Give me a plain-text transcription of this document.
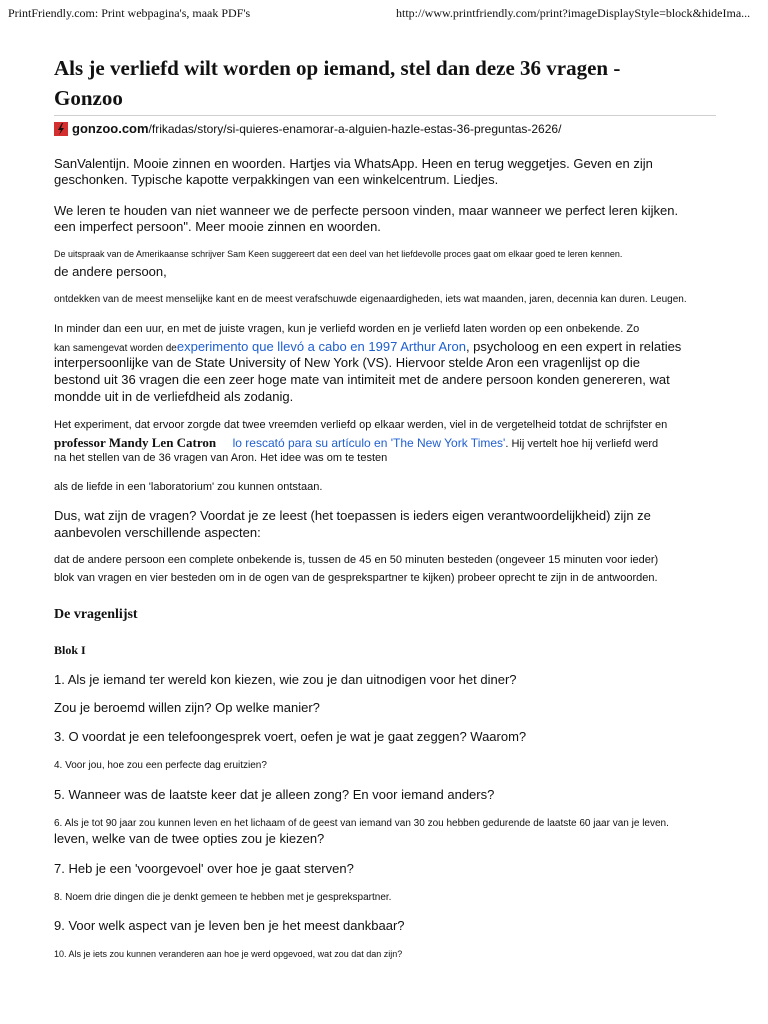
PrintFriendly.com: Print webpagina's, maak PDF's	http://www.printfriendly.com/print?imageDisplayStyle=block&hideIma...
Als je verliefd wilt worden op iemand, stel dan deze 36 vragen -
Gonzoo
gonzoo.com/frikadas/story/si-quieres-enamorar-a-alguien-hazle-estas-36-preguntas-2626/
SanValentijn. Mooie zinnen en woorden. Hartjes via WhatsApp. Heen en terug weggetjes. Geven en zijn
geschonken. Typische kapotte verpakkingen van een winkelcentrum. Liedjes.
We leren te houden van niet wanneer we de perfecte persoon vinden, maar wanneer we perfect leren kijken.
een imperfect persoon". Meer mooie zinnen en woorden.
De uitspraak van de Amerikaanse schrijver Sam Keen suggereert dat een deel van het liefdevolle proces gaat om elkaar goed te leren kennen.
de andere persoon,
ontdekken van de meest menselijke kant en de meest verafschuwde eigenaardigheden, iets wat maanden, jaren, decennia kan duren. Leugen.
In minder dan een uur, en met de juiste vragen, kun je verliefd worden en je verliefd laten worden op een onbekende. Zo
kan samengevat worden deexperimento que llevó a cabo en 1997 Arthur Aron, psycholoog en een expert in relaties
interpersoonlijke van de State University of New York (VS). Hiervoor stelde Aron een vragenlijst op die
bestond uit 36 vragen die een zeer hoge mate van intimiteit met de andere persoon konden genereren, wat
mondde uit in de verliefdheid als zodanig.
Het experiment, dat ervoor zorgde dat twee vreemden verliefd op elkaar werden, viel in de vergetelheid totdat de schrijfster en
professor Mandy Len Catron lo rescató para su artículo en 'The New York Times'. Hij vertelt hoe hij verliefd werd
na het stellen van de 36 vragen van Aron. Het idee was om te testen
als de liefde in een 'laboratorium' zou kunnen ontstaan.
Dus, wat zijn de vragen? Voordat je ze leest (het toepassen is ieders eigen verantwoordelijkheid) zijn ze
aanbevolen verschillende aspecten:
dat de andere persoon een complete onbekende is, tussen de 45 en 50 minuten besteden (ongeveer 15 minuten voor ieder)
blok van vragen en vier besteden om in de ogen van de gesprekspartner te kijken) probeer oprecht te zijn in de antwoorden.
De vragenlijst
Blok I
1. Als je iemand ter wereld kon kiezen, wie zou je dan uitnodigen voor het diner?
Zou je beroemd willen zijn? Op welke manier?
3. O voordat je een telefoongesprek voert, oefen je wat je gaat zeggen? Waarom?
4. Voor jou, hoe zou een perfecte dag eruitzien?
5. Wanneer was de laatste keer dat je alleen zong? En voor iemand anders?
6. Als je tot 90 jaar zou kunnen leven en het lichaam of de geest van iemand van 30 zou hebben gedurende de laatste 60 jaar van je leven.
leven, welke van de twee opties zou je kiezen?
7. Heb je een 'voorgevoel' over hoe je gaat sterven?
8. Noem drie dingen die je denkt gemeen te hebben met je gesprekspartner.
9. Voor welk aspect van je leven ben je het meest dankbaar?
10. Als je iets zou kunnen veranderen aan hoe je werd opgevoed, wat zou dat dan zijn?
